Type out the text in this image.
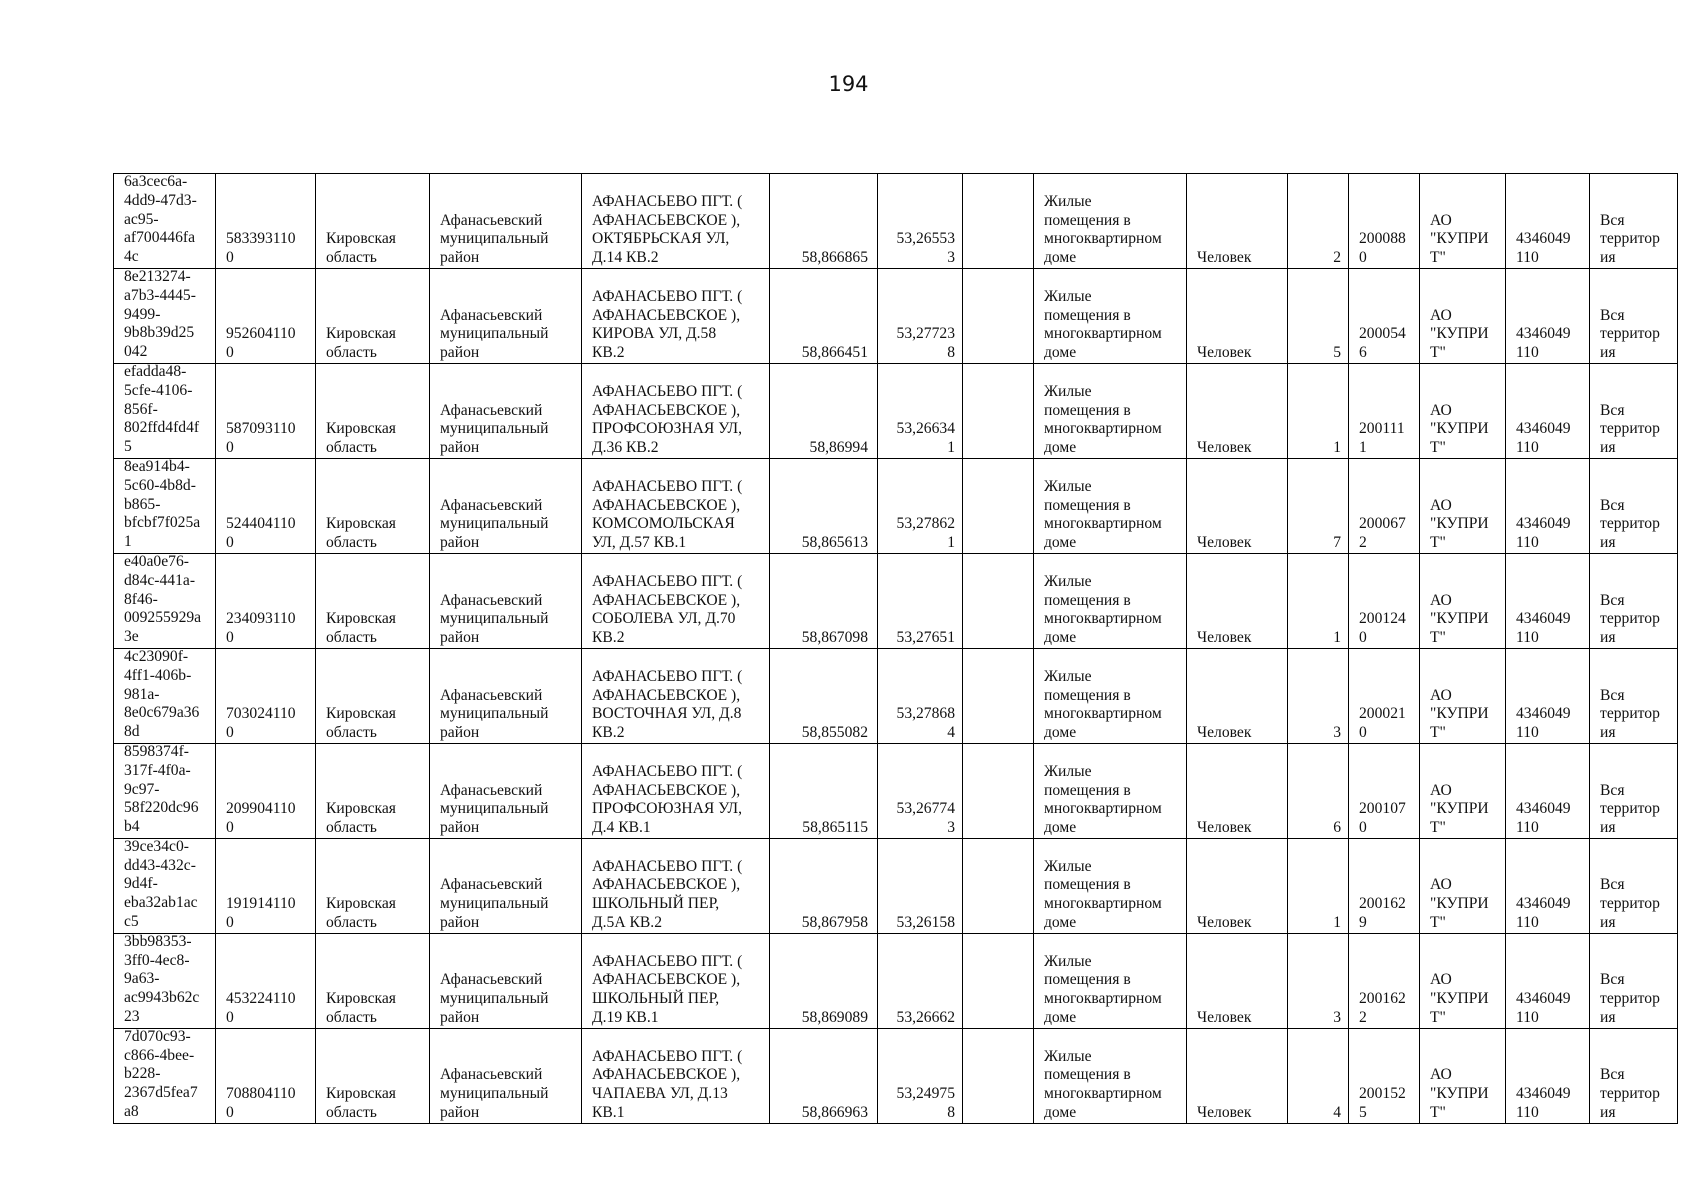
194
6a3cec6a-
4dd9-47d3-
ac95-
af700446fa
4c	583393110
0	Кировская
область	Афанасьевский
муниципальный
район	АФАНАСЬЕВО ПГТ. (
АФАНАСЬЕВСКОЕ ),
ОКТЯБРЬСКАЯ УЛ,
Д.14 КВ.2	58,866865	53,26553
3		Жилые
помещения в
многоквартирном
доме	Человек	2	200088
0	АО
"КУПРИ
Т"	4346049
110	Вся
территор
ия

8e213274-
a7b3-4445-
9499-
9b8b39d25
042	952604110
0	Кировская
область	Афанасьевский
муниципальный
район	АФАНАСЬЕВО ПГТ. (
АФАНАСЬЕВСКОЕ ),
КИРОВА УЛ, Д.58
КВ.2	58,866451	53,27723
8		Жилые
помещения в
многоквартирном
доме	Человек	5	200054
6	АО
"КУПРИ
Т"	4346049
110	Вся
территор
ия

efadda48-
5cfe-4106-
856f-
802ffd4fd4f
5	587093110
0	Кировская
область	Афанасьевский
муниципальный
район	АФАНАСЬЕВО ПГТ. (
АФАНАСЬЕВСКОЕ ),
ПРОФСОЮЗНАЯ УЛ,
Д.36 КВ.2	58,86994	53,26634
1		Жилые
помещения в
многоквартирном
доме	Человек	1	200111
1	АО
"КУПРИ
Т"	4346049
110	Вся
территор
ия

8ea914b4-
5c60-4b8d-
b865-
bfcbf7f025a
1	524404110
0	Кировская
область	Афанасьевский
муниципальный
район	АФАНАСЬЕВО ПГТ. (
АФАНАСЬЕВСКОЕ ),
КОМСОМОЛЬСКАЯ
УЛ, Д.57 КВ.1	58,865613	53,27862
1		Жилые
помещения в
многоквартирном
доме	Человек	7	200067
2	АО
"КУПРИ
Т"	4346049
110	Вся
территор
ия

e40a0e76-
d84c-441a-
8f46-
009255929a
3e	234093110
0	Кировская
область	Афанасьевский
муниципальный
район	АФАНАСЬЕВО ПГТ. (
АФАНАСЬЕВСКОЕ ),
СОБОЛЕВА УЛ, Д.70
КВ.2	58,867098	53,27651		Жилые
помещения в
многоквартирном
доме	Человек	1	200124
0	АО
"КУПРИ
Т"	4346049
110	Вся
территор
ия

4c23090f-
4ff1-406b-
981a-
8e0c679a36
8d	703024110
0	Кировская
область	Афанасьевский
муниципальный
район	АФАНАСЬЕВО ПГТ. (
АФАНАСЬЕВСКОЕ ),
ВОСТОЧНАЯ УЛ, Д.8
КВ.2	58,855082	53,27868
4		Жилые
помещения в
многоквартирном
доме	Человек	3	200021
0	АО
"КУПРИ
Т"	4346049
110	Вся
территор
ия

8598374f-
317f-4f0a-
9c97-
58f220dc96
b4	209904110
0	Кировская
область	Афанасьевский
муниципальный
район	АФАНАСЬЕВО ПГТ. (
АФАНАСЬЕВСКОЕ ),
ПРОФСОЮЗНАЯ УЛ,
Д.4 КВ.1	58,865115	53,26774
3		Жилые
помещения в
многоквартирном
доме	Человек	6	200107
0	АО
"КУПРИ
Т"	4346049
110	Вся
территор
ия

39ce34c0-
dd43-432c-
9d4f-
eba32ab1ac
c5	191914110
0	Кировская
область	Афанасьевский
муниципальный
район	АФАНАСЬЕВО ПГТ. (
АФАНАСЬЕВСКОЕ ),
ШКОЛЬНЫЙ ПЕР,
Д.5А КВ.2	58,867958	53,26158		Жилые
помещения в
многоквартирном
доме	Человек	1	200162
9	АО
"КУПРИ
Т"	4346049
110	Вся
территор
ия

3bb98353-
3ff0-4ec8-
9a63-
ac9943b62c
23	453224110
0	Кировская
область	Афанасьевский
муниципальный
район	АФАНАСЬЕВО ПГТ. (
АФАНАСЬЕВСКОЕ ),
ШКОЛЬНЫЙ ПЕР,
Д.19 КВ.1	58,869089	53,26662		Жилые
помещения в
многоквартирном
доме	Человек	3	200162
2	АО
"КУПРИ
Т"	4346049
110	Вся
территор
ия

7d070c93-
c866-4bee-
b228-
2367d5fea7
a8	708804110
0	Кировская
область	Афанасьевский
муниципальный
район	АФАНАСЬЕВО ПГТ. (
АФАНАСЬЕВСКОЕ ),
ЧАПАЕВА УЛ, Д.13
КВ.1	58,866963	53,24975
8		Жилые
помещения в
многоквартирном
доме	Человек	4	200152
5	АО
"КУПРИ
Т"	4346049
110	Вся
территор
ия
